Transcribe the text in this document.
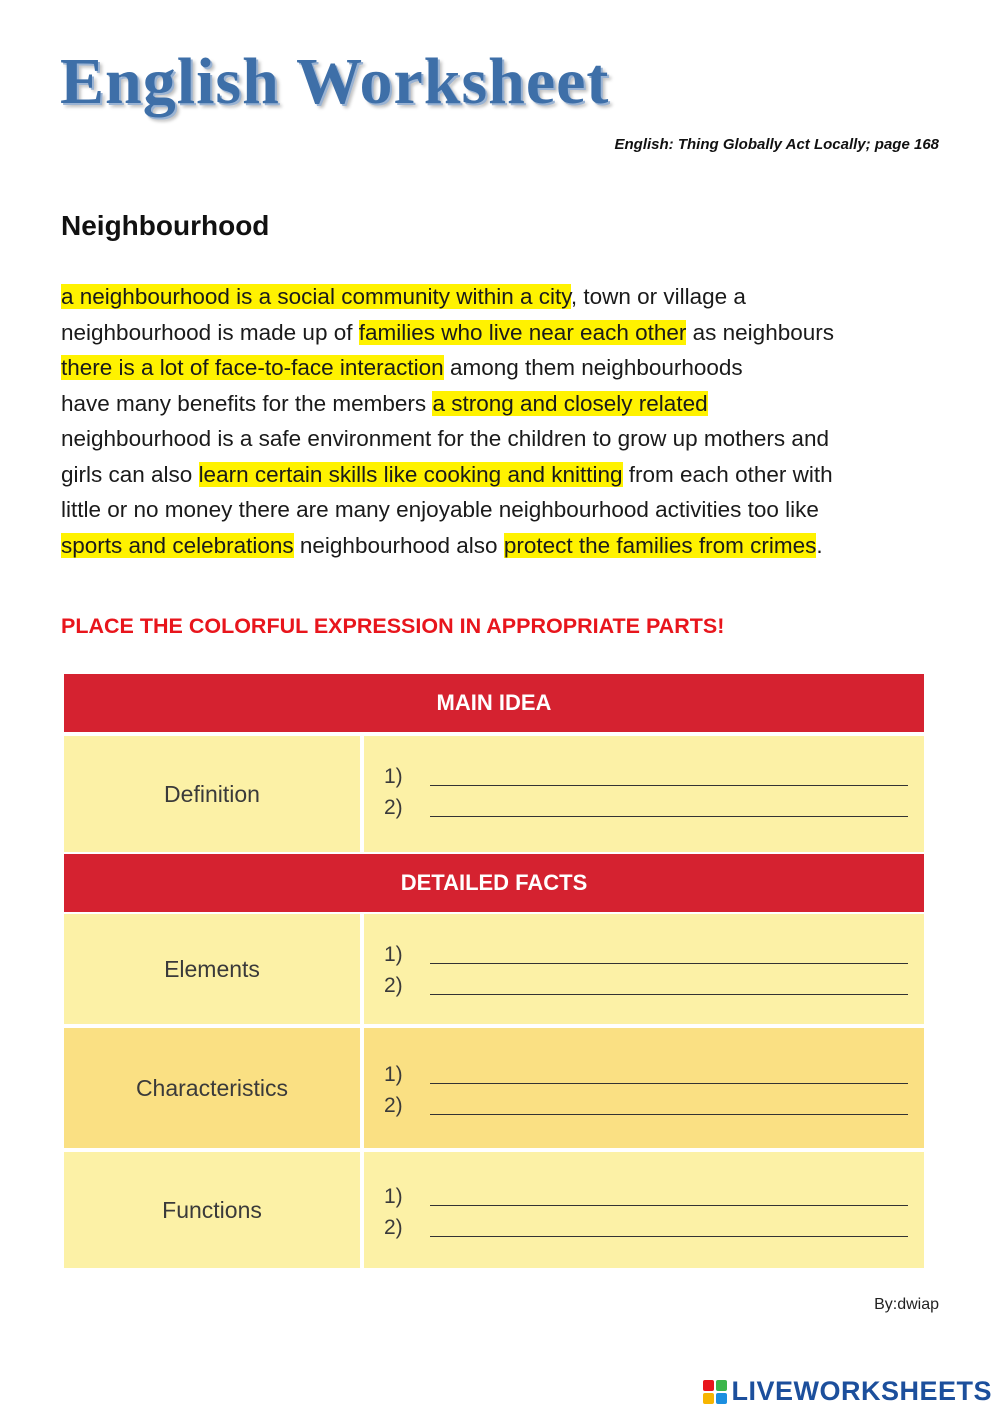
English Worksheet
English: Thing Globally Act Locally; page 168
Neighbourhood
a neighbourhood is a social community within a city, town or village a
neighbourhood is made up of families who live near each other as neighbours
there is a lot of face-to-face interaction among them neighbourhoods
have many benefits for the members a strong and closely related
neighbourhood is a safe environment for the children to grow up mothers and
girls can also learn certain skills like cooking and knitting from each other with
little or no money there are many enjoyable neighbourhood activities too like
sports and celebrations neighbourhood also protect the families from crimes.
PLACE THE COLORFUL EXPRESSION IN APPROPRIATE PARTS!
MAIN IDEA
Definition
1)
2)
DETAILED FACTS
Elements
1)
2)
Characteristics	1)
2)
Functions	1)
2)
By:dwiap
LIVEWORKSHEETS
